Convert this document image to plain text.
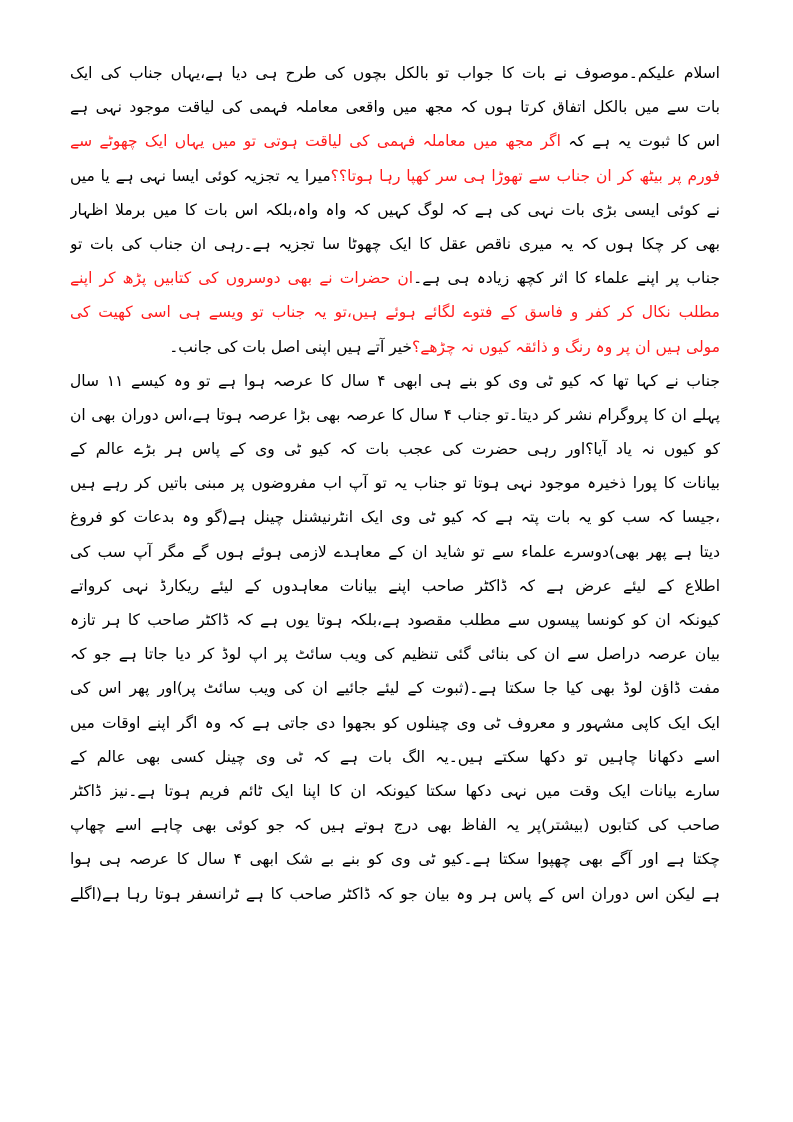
اسلام علیکم۔موصوف نے بات کا جواب تو بالکل بچوں کی طرح ہی دیا ہے،یہاں جناب کی ایک
بات سے میں بالکل اتفاق کرتا ہوں کہ مجھ میں واقعی معاملہ فہمی کی لیاقت موجود نہی ہے
اس کا ثبوت یہ ہے کہ اگر مجھ میں معاملہ فہمی کی لیاقت ہوتی تو میں یہاں ایک چھوٹے سے
فورم پر بیٹھ کر ان جناب سے تھوڑا ہی سر کھپا رہا ہوتا؟؟میرا یہ تجزیہ کوئی ایسا نہی ہے یا میں
نے کوئی ایسی بڑی بات نہی کی ہے کہ لوگ کہیں کہ واہ واہ،بلکہ اس بات کا میں برملا اظہار
بھی کر چکا ہوں کہ یہ میری ناقص عقل کا ایک چھوٹا سا تجزیہ ہے۔رہی ان جناب کی بات تو
جناب پر اپنے علماء کا اثر کچھ زیادہ ہی ہے۔ان حضرات نے بھی دوسروں کی کتابیں پڑھ کر اپنے
مطلب نکال کر کفر و فاسق کے فتوے لگائے ہوئے ہیں،تو یہ جناب تو ویسے ہی اسی کھیت کی
مولی ہیں ان پر وہ رنگ و ذائقہ کیوں نہ چڑھے؟خیر آتے ہیں اپنی اصل بات کی جانب۔
جناب نے کہا تھا کہ کیو ٹی وی کو بنے ہی ابھی ۴ سال کا عرصہ ہوا ہے تو وہ کیسے ۱۱ سال
پہلے ان کا پروگرام نشر کر دیتا۔تو جناب ۴ سال کا عرصہ بھی بڑا عرصہ ہوتا ہے،اس دوران بھی ان
کو کیوں نہ یاد آیا؟اور رہی حضرت کی عجب بات کہ کیو ٹی وی کے پاس ہر بڑے عالم کے
بیانات کا پورا ذخیرہ موجود نہی ہوتا تو جناب یہ تو آپ اب مفروضوں پر مبنی باتیں کر رہے ہیں
،جیسا کہ سب کو یہ بات پتہ ہے کہ کیو ٹی وی ایک انٹرنیشنل چینل ہے(گو وہ بدعات کو فروغ
دیتا ہے پھر بھی)دوسرے علماء سے تو شاید ان کے معاہدے لازمی ہوئے ہوں گے مگر آپ سب کی
اطلاع کے لیئے عرض ہے کہ ڈاکٹر صاحب اپنے بیانات معاہدوں کے لیئے ریکارڈ نہی کرواتے
کیونکہ ان کو کونسا پیسوں سے مطلب مقصود ہے،بلکہ ہوتا یوں ہے کہ ڈاکٹر صاحب کا ہر تازہ
بیان عرصہ دراصل سے ان کی بنائی گئی تنظیم کی ویب سائٹ پر اپ لوڈ کر دیا جاتا ہے جو کہ
مفت ڈاؤن لوڈ بھی کیا جا سکتا ہے۔(ثبوت کے لیئے جائیے ان کی ویب سائٹ پر)اور پھر اس کی
ایک ایک کاپی مشہور و معروف ٹی وی چینلوں کو بجھوا دی جاتی ہے کہ وہ اگر اپنے اوقات میں
اسے دکھانا چاہیں تو دکھا سکتے ہیں۔یہ الگ بات ہے کہ ٹی وی چینل کسی بھی عالم کے
سارے بیانات ایک وقت میں نہی دکھا سکتا کیونکہ ان کا اپنا ایک ٹائم فریم ہوتا ہے۔نیز ڈاکٹر
صاحب کی کتابوں (بیشتر)پر یہ الفاظ بھی درج ہوتے ہیں کہ جو کوئی بھی چاہے اسے چھاپ
چکتا ہے اور آگے بھی چھپوا سکتا ہے۔کیو ٹی وی کو بنے بے شک ابھی ۴ سال کا عرصہ ہی ہوا
ہے لیکن اس دوران اس کے پاس ہر وہ بیان جو کہ ڈاکٹر صاحب کا ہے ٹرانسفر ہوتا رہا ہے(اگلے
